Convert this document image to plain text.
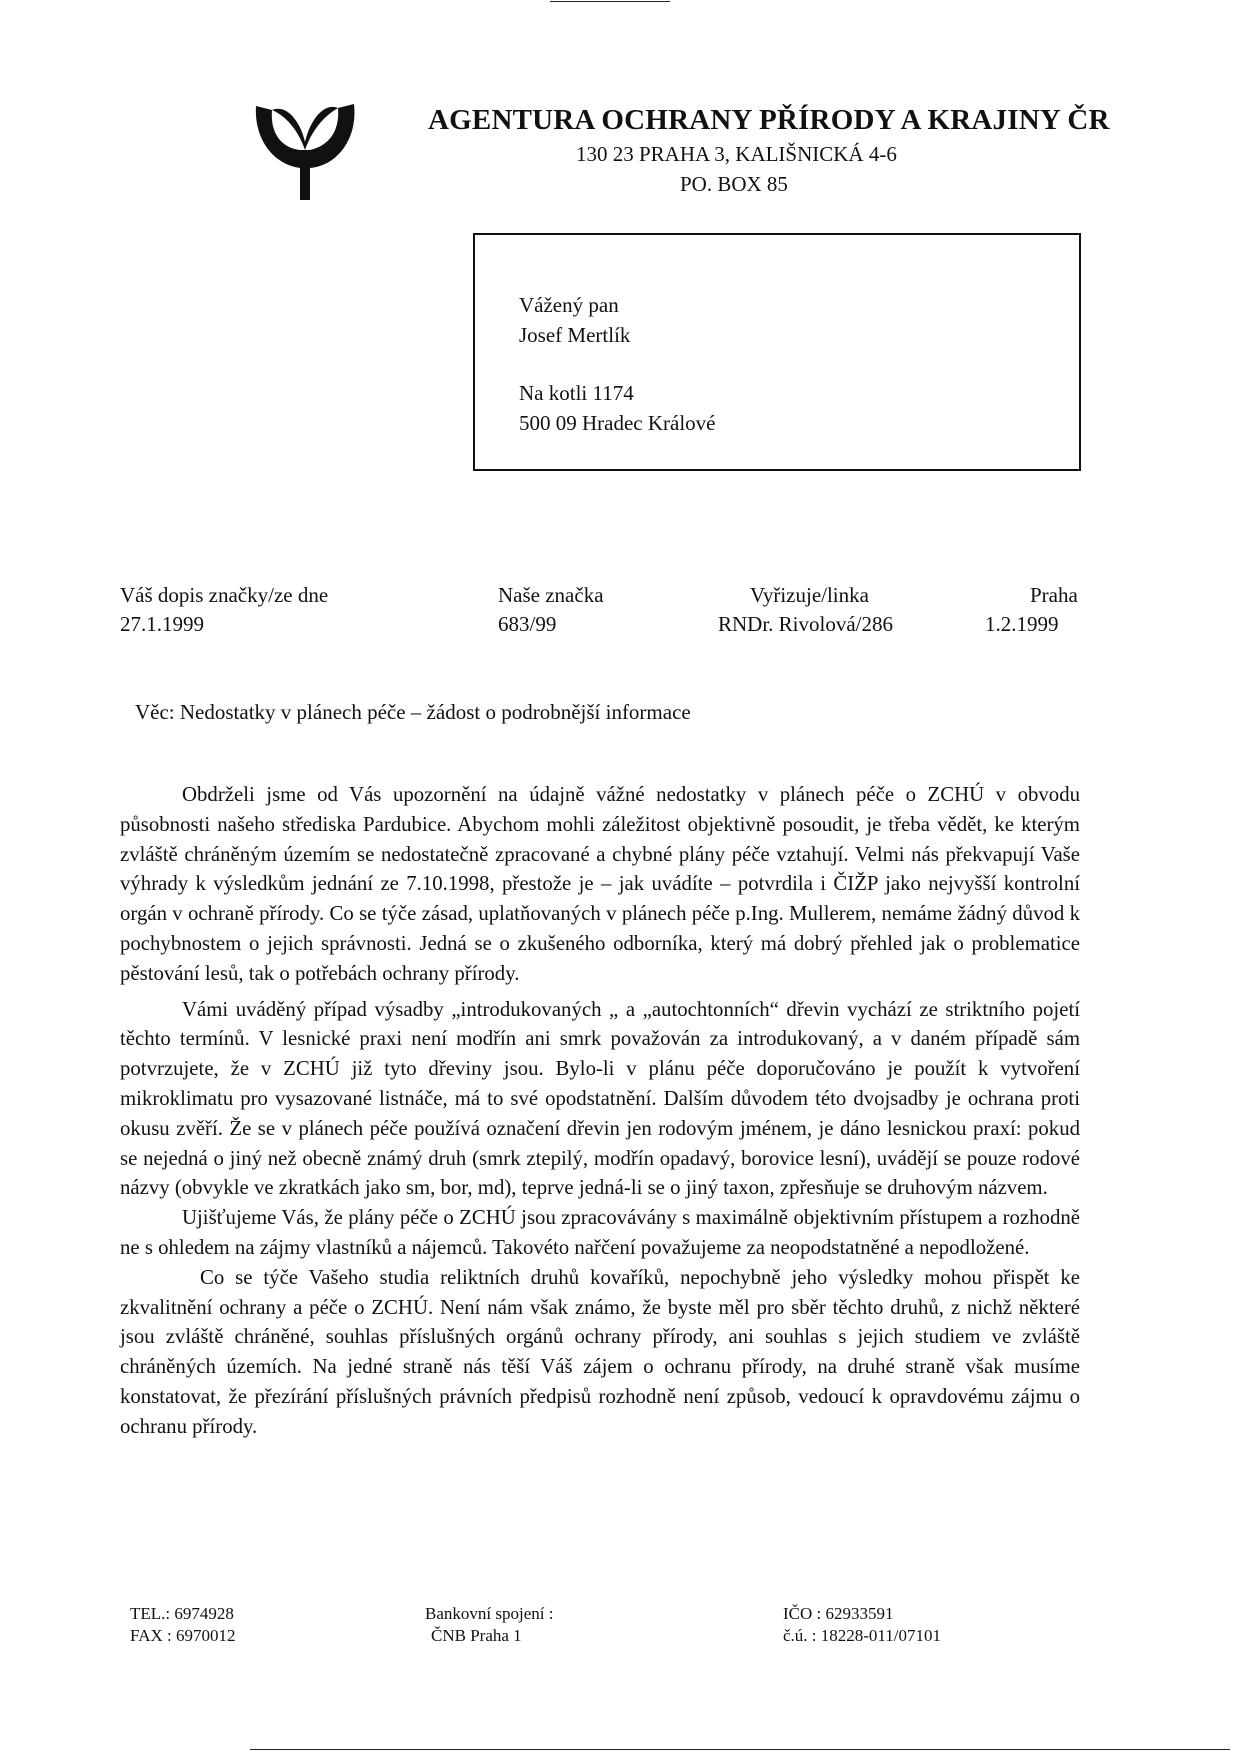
AGENTURA OCHRANY PŘÍRODY A KRAJINY ČR
130 23 PRAHA 3, KALIŠNICKÁ 4-6
PO. BOX 85
Vážený pan
Josef Mertlík
Na kotli 1174
500 09 Hradec Králové
Váš dopis značky/ze dne
27.1.1999
Naše značka
683/99
Vyřizuje/linka
RNDr. Rivolová/286
Praha
1.2.1999
Věc: Nedostatky v plánech péče – žádost o podrobnější informace

Obdrželi jsme od Vás upozornění na údajně vážné nedostatky v plánech péče o ZCHÚ v obvodu působnosti našeho střediska Pardubice. Abychom mohli záležitost objektivně posoudit, je třeba vědět, ke kterým zvláště chráněným územím se nedostatečně zpracované a chybné plány péče vztahují. Velmi nás překvapují Vaše výhrady k výsledkům jednání ze 7.10.1998, přestože je – jak uvádíte – potvrdila i ČIŽP jako nejvyšší kontrolní orgán v ochraně přírody. Co se týče zásad, uplatňovaných v plánech péče p.Ing. Mullerem, nemáme žádný důvod k pochybnostem o jejich správnosti. Jedná se o zkušeného odborníka, který má dobrý přehled jak o problematice pěstování lesů, tak o potřebách ochrany přírody.

Vámi uváděný případ výsadby „introdukovaných „ a „autochtonních“ dřevin vychází ze striktního pojetí těchto termínů. V lesnické praxi není modřín ani smrk považován za introdukovaný, a v daném případě sám potvrzujete, že v ZCHÚ již tyto dřeviny jsou. Bylo-li v plánu péče doporučováno je použít k vytvoření mikroklimatu pro vysazované listnáče, má to své opodstatnění. Dalším důvodem této dvojsadby je ochrana proti okusu zvěří. Že se v plánech péče používá označení dřevin jen rodovým jménem, je dáno lesnickou praxí: pokud se nejedná o jiný než obecně známý druh (smrk ztepilý, modřín opadavý, borovice lesní), uvádějí se pouze rodové názvy (obvykle ve zkratkách jako sm, bor, md), teprve jedná-li se o jiný taxon, zpřesňuje se druhovým názvem.

Ujišťujeme Vás, že plány péče o ZCHÚ jsou zpracovávány s maximálně objektivním přístupem a rozhodně ne s ohledem na zájmy vlastníků a nájemců. Takovéto nařčení považujeme za neopodstatněné a nepodložené.

Co se týče Vašeho studia reliktních druhů kovaříků, nepochybně jeho výsledky mohou přispět ke zkvalitnění ochrany a péče o ZCHÚ. Není nám však známo, že byste měl pro sběr těchto druhů, z nichž některé jsou zvláště chráněné, souhlas příslušných orgánů ochrany přírody, ani souhlas s jejich studiem ve zvláště chráněných územích. Na jedné straně nás těší Váš zájem o ochranu přírody, na druhé straně však musíme konstatovat, že přezírání příslušných právních předpisů rozhodně není způsob, vedoucí k opravdovému zájmu o ochranu přírody.

TEL.: 6974928
FAX : 6970012
Bankovní spojení :
ČNB Praha 1
IČO : 62933591
č.ú. : 18228-011/07101
